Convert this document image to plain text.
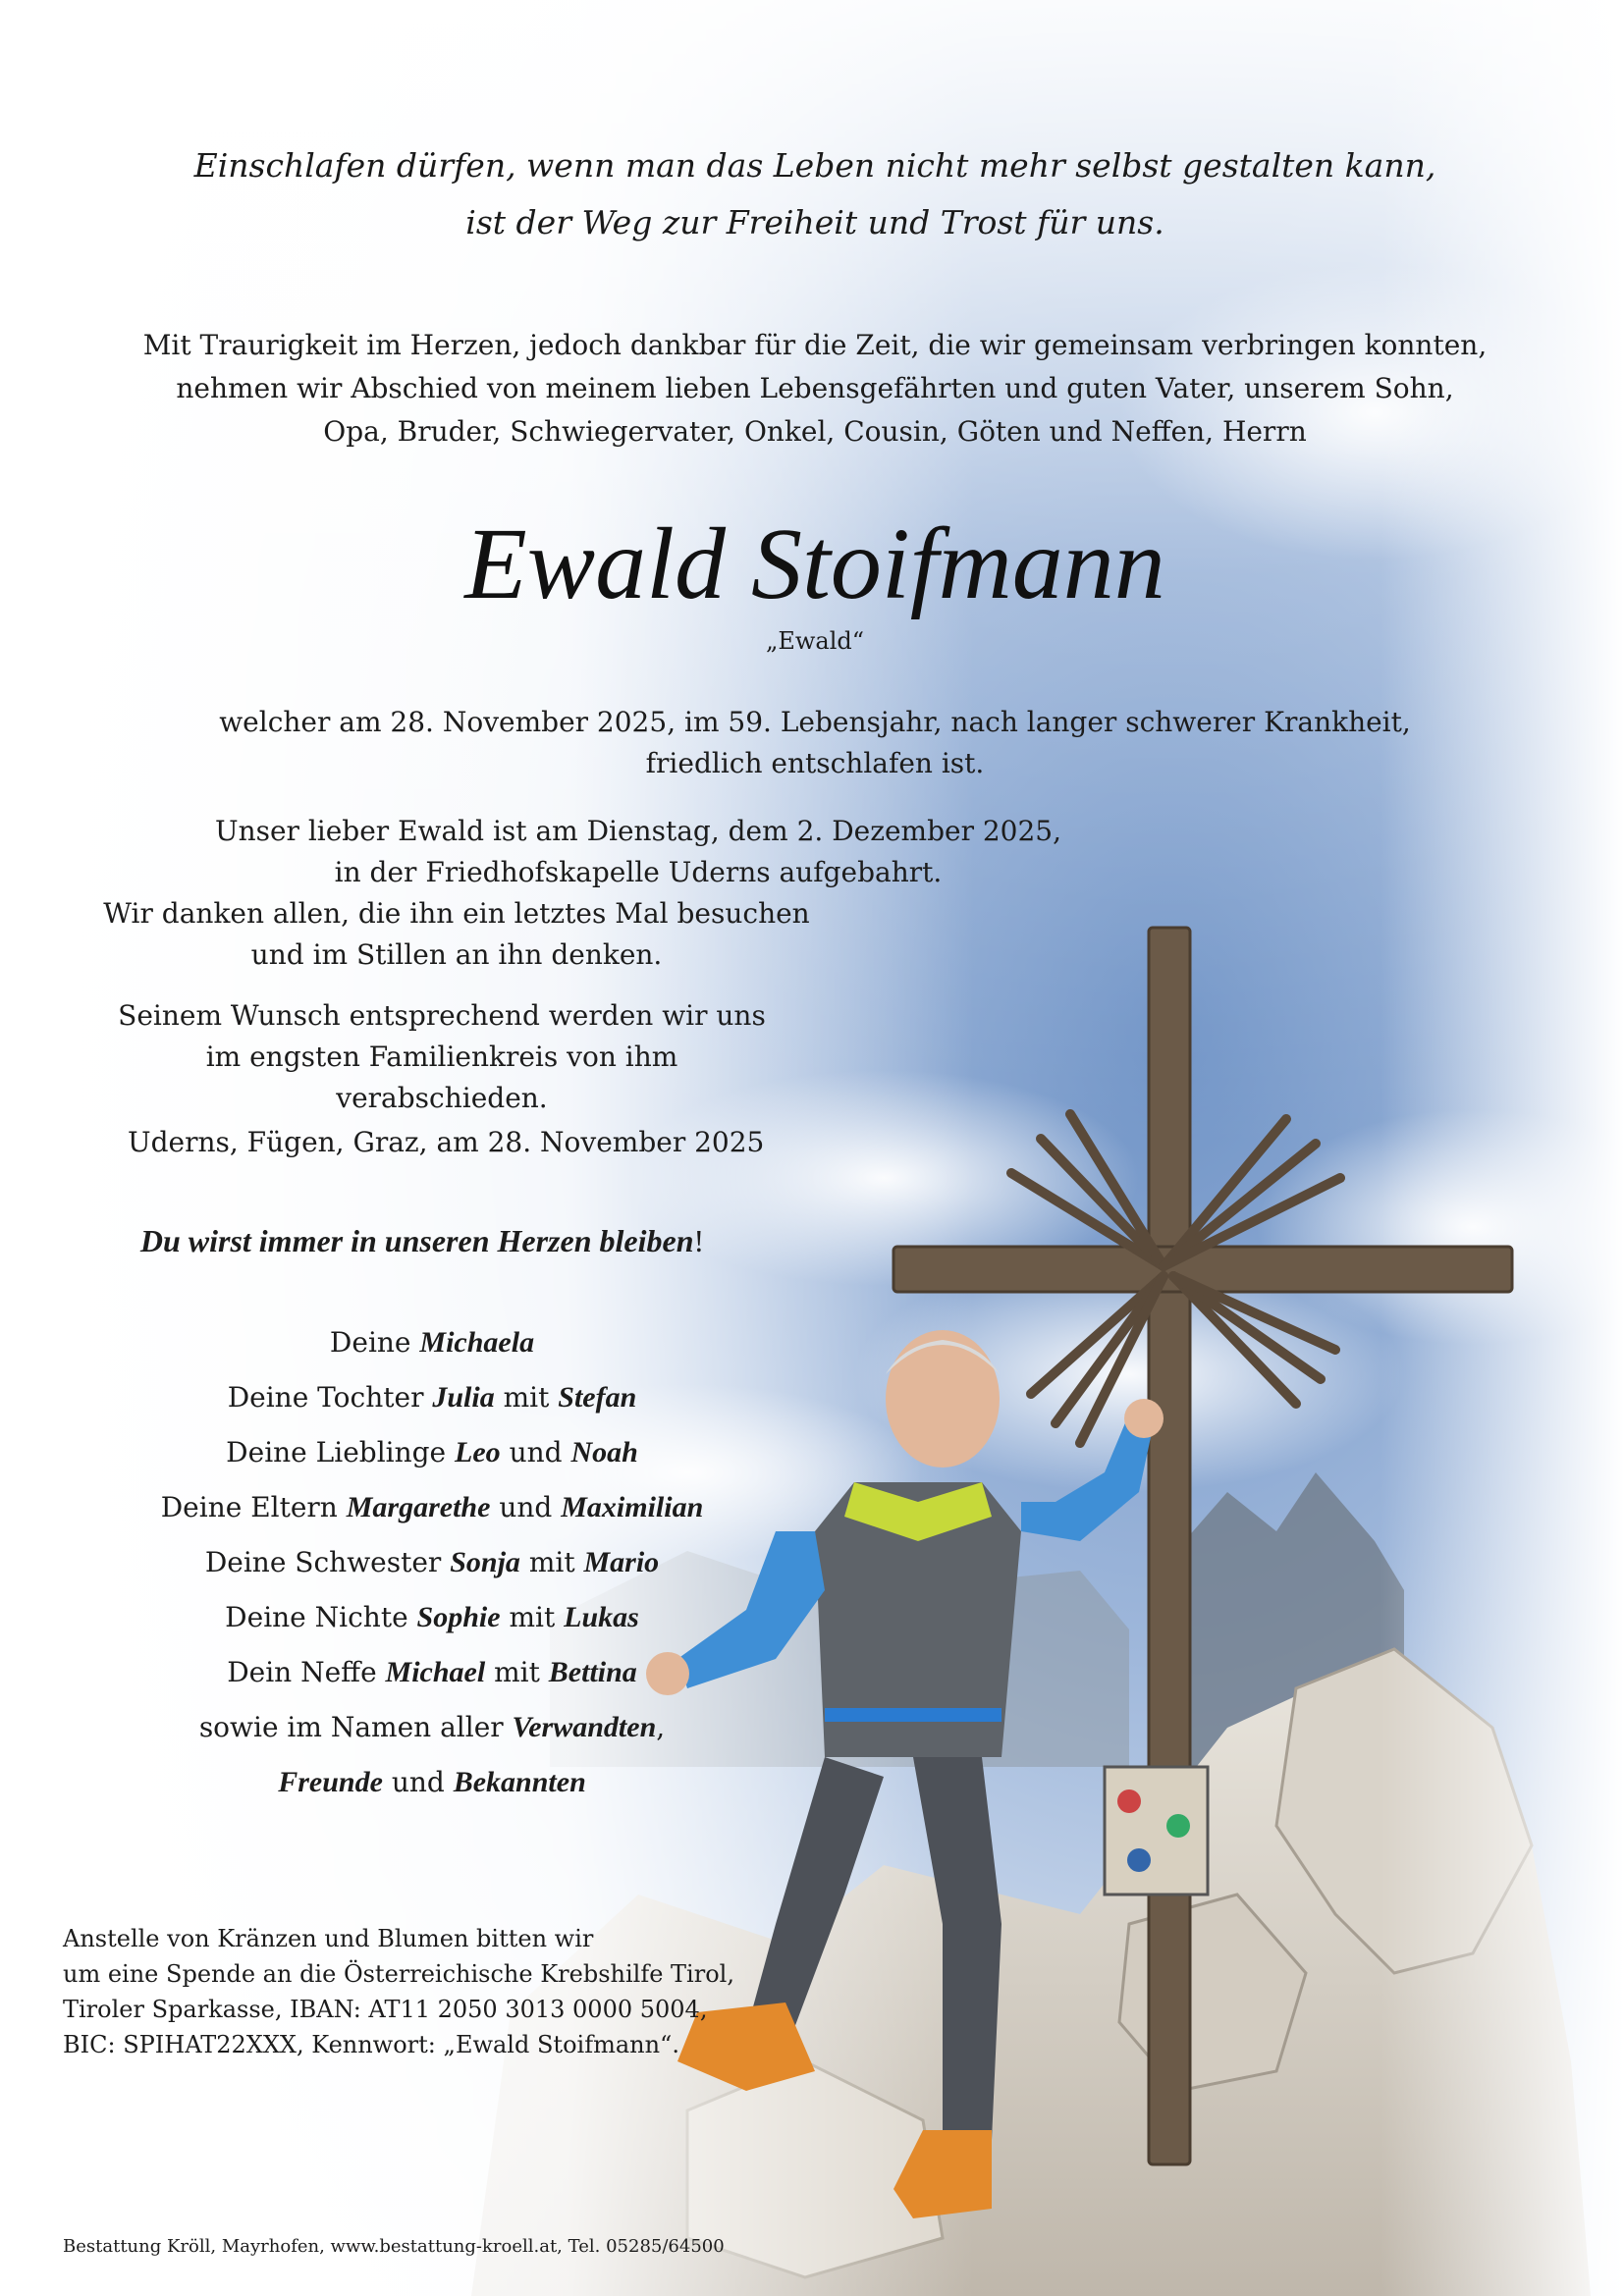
Einschlafen dürfen, wenn man das Leben nicht mehr selbst gestalten kann,
ist der Weg zur Freiheit und Trost für uns.
Mit Traurigkeit im Herzen, jedoch dankbar für die Zeit, die wir gemeinsam verbringen konnten,
nehmen wir Abschied von meinem lieben Lebensgefährten und guten Vater, unserem Sohn,
Opa, Bruder, Schwiegervater, Onkel, Cousin, Göten und Neffen, Herrn
Ewald Stoifmann
„Ewald“
welcher am 28. November 2025, im 59. Lebensjahr, nach langer schwerer Krankheit,
friedlich entschlafen ist.
Unser lieber Ewald ist am Dienstag, dem 2. Dezember 2025,
in der Friedhofskapelle Uderns aufgebahrt.
Wir danken allen, die ihn ein letztes Mal besuchen
und im Stillen an ihn denken.
Seinem Wunsch entsprechend werden wir uns
im engsten Familienkreis von ihm verabschieden.
Uderns, Fügen, Graz, am 28. November 2025
Du wirst immer in unseren Herzen bleiben!
Deine Michaela
Deine Tochter Julia mit Stefan
Deine Lieblinge Leo und Noah
Deine Eltern Margarethe und Maximilian
Deine Schwester Sonja mit Mario
Deine Nichte Sophie mit Lukas
Dein Neffe Michael mit Bettina
sowie im Namen aller Verwandten,
Freunde und Bekannten
Anstelle von Kränzen und Blumen bitten wir
um eine Spende an die Österreichische Krebshilfe Tirol,
Tiroler Sparkasse, IBAN: AT11 2050 3013 0000 5004,
BIC: SPIHAT22XXX, Kennwort: „Ewald Stoifmann“.
Bestattung Kröll, Mayrhofen, www.bestattung-kroell.at, Tel. 05285/64500
